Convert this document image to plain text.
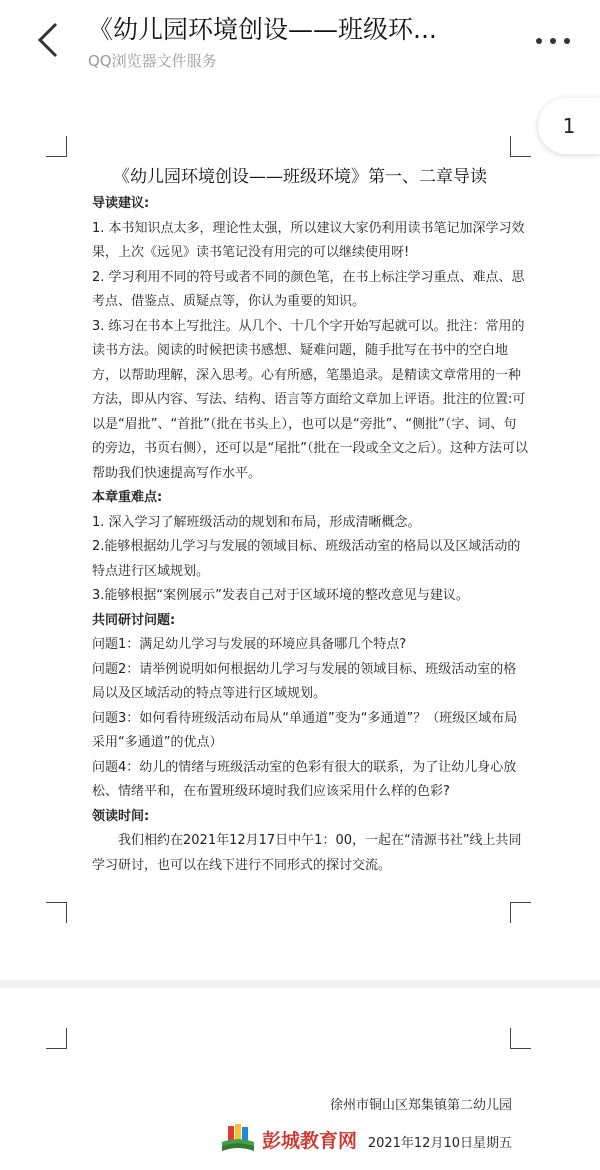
《幼儿园环境创设——班级环...
QQ浏览器文件服务
《幼儿园环境创设——班级环境》第一、二章导读

导读建议:

1. 本书知识点太多，理论性太强，所以建议大家仍利用读书笔记加深学习效果，上次《远见》读书笔记没有用完的可以继续使用呀!

2. 学习利用不同的符号或者不同的颜色笔，在书上标注学习重点、难点、思考点、借鉴点、质疑点等，你认为重要的知识。

3. 练习在书本上写批注。从几个、十几个字开始写起就可以。批注：常用的读书方法。阅读的时候把读书感想、疑难问题，随手批写在书中的空白地方，以帮助理解，深入思考。心有所感，笔墨追录。是精读文章常用的一种方法，即从内容、写法、结构、语言等方面给文章加上评语。批注的位置:可以是“眉批”、“首批”（批在书头上），也可以是“旁批”、“侧批”（字、词、句的旁边，书页右侧），还可以是“尾批”（批在一段或全文之后）。这种方法可以帮助我们快速提高写作水平。

本章重难点:

1. 深入学习了解班级活动的规划和布局，形成清晰概念。

2.能够根据幼儿学习与发展的领域目标、班级活动室的格局以及区域活动的特点进行区域规划。

3.能够根据“案例展示”发表自己对于区域环境的整改意见与建议。

共同研讨问题:

问题1：满足幼儿学习与发展的环境应具备哪几个特点?

问题2：请举例说明如何根据幼儿学习与发展的领域目标、班级活动室的格局以及区域活动的特点等进行区域规划。

问题3：如何看待班级活动布局从“单通道”变为“多通道”？（班级区域布局采用“多通道”的优点）

问题4：幼儿的情绪与班级活动室的色彩有很大的联系，为了让幼儿身心放松、情绪平和，在布置班级环境时我们应该采用什么样的色彩?

领读时间:

我们相约在2021年12月17日中午1：00，一起在“清源书社”线上共同学习研讨，也可以在线下进行不同形式的探讨交流。

徐州市铜山区郑集镇第二幼儿园
2021年12月10日星期五
彭城教育网
1
